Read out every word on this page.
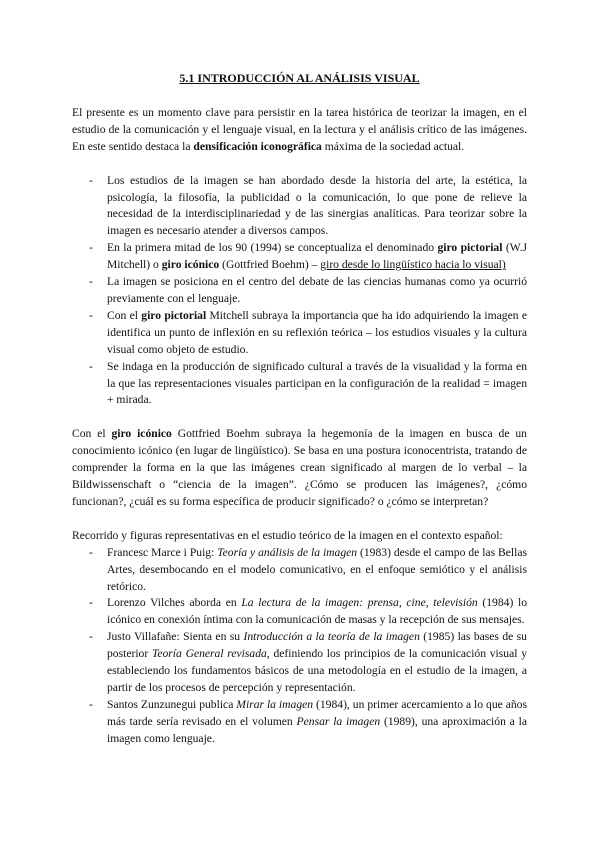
5.1 INTRODUCCIÓN AL ANÁLISIS VISUAL

El presente es un momento clave para persistir en la tarea histórica de teorizar la imagen, en el estudio de la comunicación y el lenguaje visual, en la lectura y el análisis crítico de las imágenes. En este sentido destaca la densificación iconográfica máxima de la sociedad actual.

- Los estudios de la imagen se han abordado desde la historia del arte, la estética, la psicología, la filosofía, la publicidad o la comunicación, lo que pone de relieve la necesidad de la interdisciplinariedad y de las sinergias analíticas. Para teorizar sobre la imagen es necesario atender a diversos campos.
- En la primera mitad de los 90 (1994) se conceptualiza el denominado giro pictorial (W.J Mitchell) o giro icónico (Gottfried Boehm) – giro desde lo lingüístico hacia lo visual)
- La imagen se posiciona en el centro del debate de las ciencias humanas como ya ocurrió previamente con el lenguaje.
- Con el giro pictorial Mitchell subraya la importancia que ha ido adquiriendo la imagen e identifica un punto de inflexión en su reflexión teórica – los estudios visuales y la cultura visual como objeto de estudio.
- Se indaga en la producción de significado cultural a través de la visualidad y la forma en la que las representaciones visuales participan en la configuración de la realidad = imagen + mirada.

Con el giro icónico Gottfried Boehm subraya la hegemonía de la imagen en busca de un conocimiento icónico (en lugar de lingüístico). Se basa en una postura iconocentrista, tratando de comprender la forma en la que las imágenes crean significado al margen de lo verbal – la Bildwissenschaft o “ciencia de la imagen”. ¿Cómo se producen las imágenes?, ¿cómo funcionan?, ¿cuál es su forma específica de producir significado? o ¿cómo se interpretan?

Recorrido y figuras representativas en el estudio teórico de la imagen en el contexto español:

- Francesc Marce i Puig: Teoría y análisis de la imagen (1983) desde el campo de las Bellas Artes, desembocando en el modelo comunicativo, en el enfoque semiótico y el análisis retórico.
- Lorenzo Vilches aborda en La lectura de la imagen: prensa, cine, televisión (1984) lo icónico en conexión íntima con la comunicación de masas y la recepción de sus mensajes.
- Justo Villafañe: Sienta en su Introducción a la teoría de la imagen (1985) las bases de su posterior Teoría General revisada, definiendo los principios de la comunicación visual y estableciendo los fundamentos básicos de una metodología en el estudio de la imagen, a partir de los procesos de percepción y representación.
- Santos Zunzunegui publica Mirar la imagen (1984), un primer acercamiento a lo que años más tarde sería revisado en el volumen Pensar la imagen (1989), una aproximación a la imagen como lenguaje.
